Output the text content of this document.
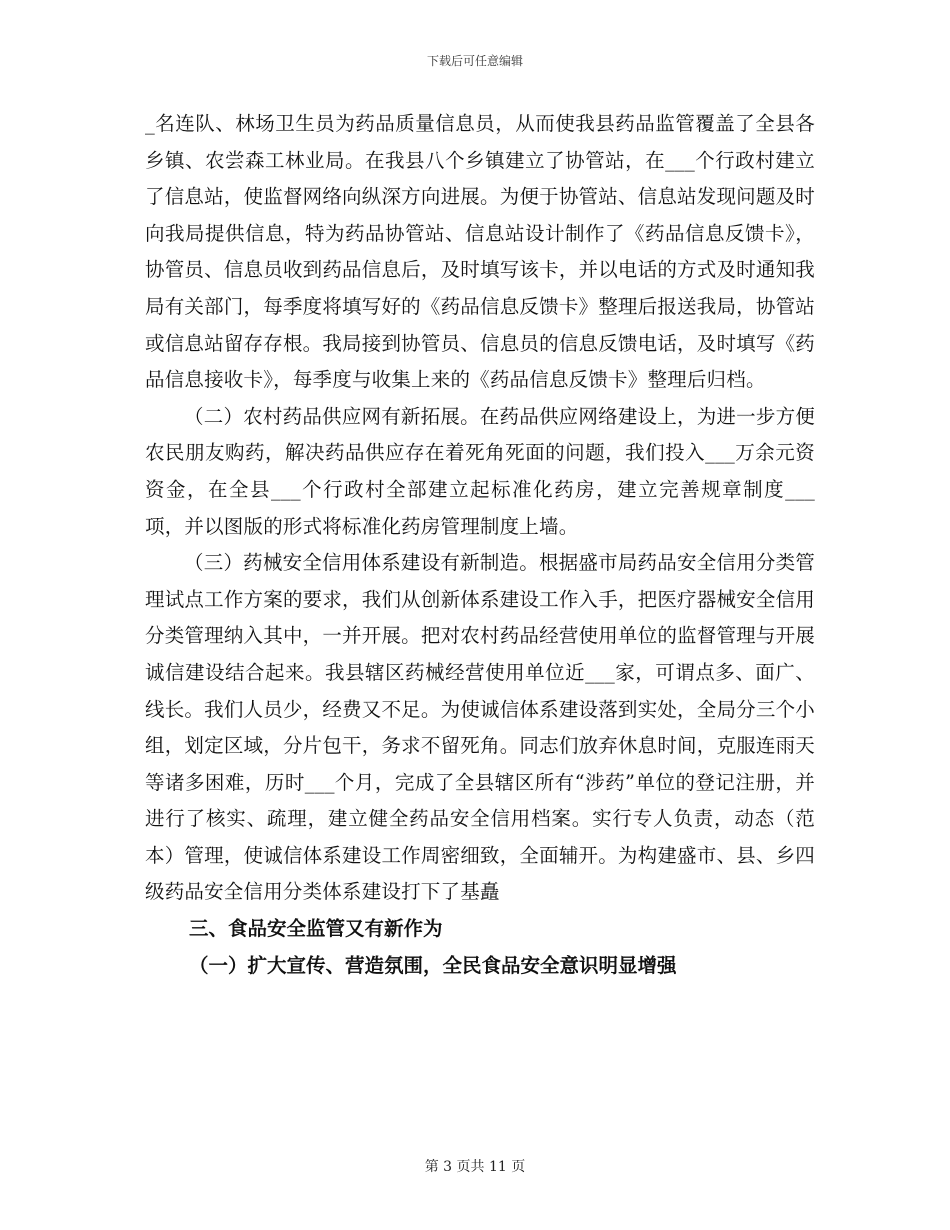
下载后可任意编辑

_名连队、林场卫生员为药品质量信息员，从而使我县药品监管覆盖了全县各乡镇、农尝森工林业局。在我县八个乡镇建立了协管站，在___个行政村建立了信息站，使监督网络向纵深方向进展。为便于协管站、信息站发现问题及时向我局提供信息，特为药品协管站、信息站设计制作了《药品信息反馈卡》，协管员、信息员收到药品信息后，及时填写该卡，并以电话的方式及时通知我局有关部门，每季度将填写好的《药品信息反馈卡》整理后报送我局，协管站或信息站留存存根。我局接到协管员、信息员的信息反馈电话，及时填写《药品信息接收卡》，每季度与收集上来的《药品信息反馈卡》整理后归档。

（二）农村药品供应网有新拓展。在药品供应网络建设上，为进一步方便农民朋友购药，解决药品供应存在着死角死面的问题，我们投入___万余元资资金，在全县___个行政村全部建立起标准化药房，建立完善规章制度___项，并以图版的形式将标准化药房管理制度上墙。

（三）药械安全信用体系建设有新制造。根据盛市局药品安全信用分类管理试点工作方案的要求，我们从创新体系建设工作入手，把医疗器械安全信用分类管理纳入其中，一并开展。把对农村药品经营使用单位的监督管理与开展诚信建设结合起来。我县辖区药械经营使用单位近___家，可谓点多、面广、线长。我们人员少，经费又不足。为使诚信体系建设落到实处，全局分三个小组，划定区域，分片包干，务求不留死角。同志们放弃休息时间，克服连雨天等诸多困难，历时___个月，完成了全县辖区所有“涉药”单位的登记注册，并进行了核实、疏理，建立健全药品安全信用档案。实行专人负责，动态（范本）管理，使诚信体系建设工作周密细致，全面辅开。为构建盛市、县、乡四级药品安全信用分类体系建设打下了基矗

三、食品安全监管又有新作为

（一）扩大宣传、营造氛围，全民食品安全意识明显增强

第 3 页共 11 页
